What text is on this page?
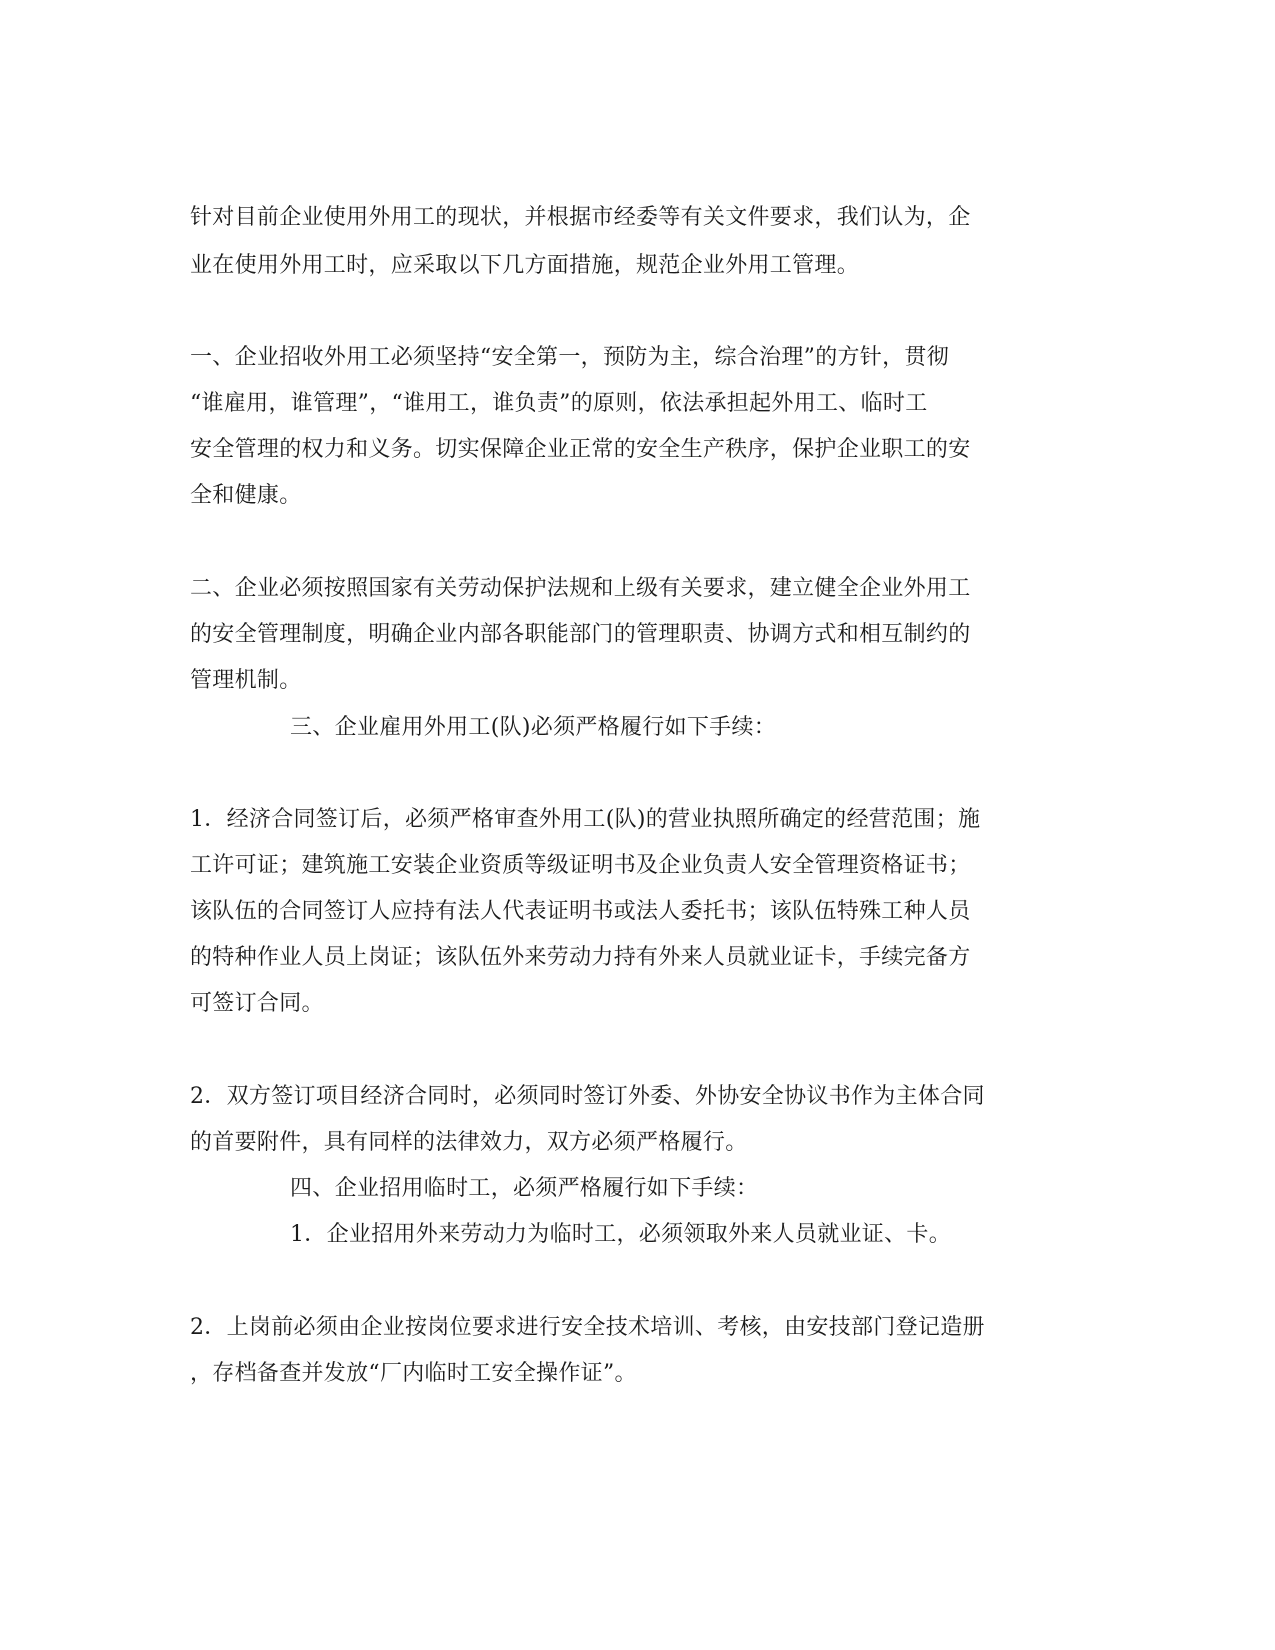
针对目前企业使用外用工的现状，并根据市经委等有关文件要求，我们认为，企
业在使用外用工时，应采取以下几方面措施，规范企业外用工管理。
一、企业招收外用工必须坚持“安全第一，预防为主，综合治理”的方针，贯彻
“谁雇用，谁管理”，“谁用工，谁负责”的原则，依法承担起外用工、临时工
安全管理的权力和义务。切实保障企业正常的安全生产秩序，保护企业职工的安
全和健康。
二、企业必须按照国家有关劳动保护法规和上级有关要求，建立健全企业外用工
的安全管理制度，明确企业内部各职能部门的管理职责、协调方式和相互制约的
管理机制。
三、企业雇用外用工(队)必须严格履行如下手续：
1．经济合同签订后，必须严格审查外用工(队)的营业执照所确定的经营范围；施
工许可证；建筑施工安装企业资质等级证明书及企业负责人安全管理资格证书；
该队伍的合同签订人应持有法人代表证明书或法人委托书；该队伍特殊工种人员
的特种作业人员上岗证；该队伍外来劳动力持有外来人员就业证卡，手续完备方
可签订合同。
2．双方签订项目经济合同时，必须同时签订外委、外协安全协议书作为主体合同
的首要附件，具有同样的法律效力，双方必须严格履行。
四、企业招用临时工，必须严格履行如下手续：
1．企业招用外来劳动力为临时工，必须领取外来人员就业证、卡。
2．上岗前必须由企业按岗位要求进行安全技术培训、考核，由安技部门登记造册
，存档备查并发放“厂内临时工安全操作证”。
